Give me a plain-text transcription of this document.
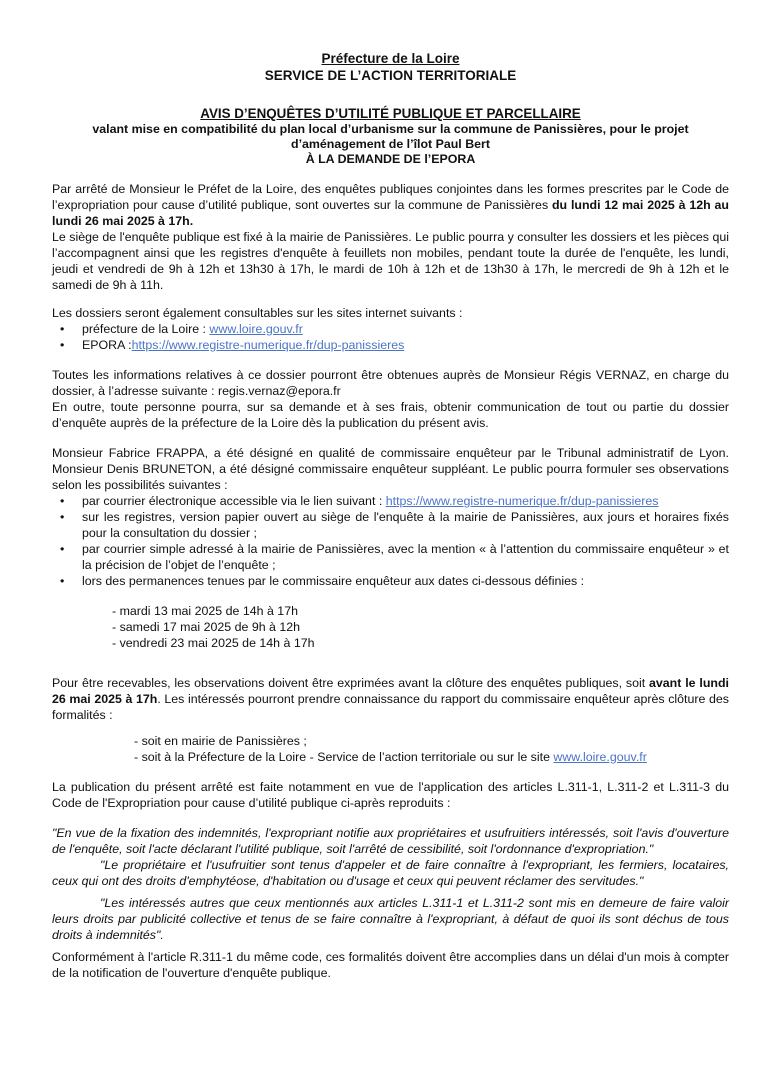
Préfecture de la Loire
SERVICE DE L’ACTION TERRITORIALE
AVIS D’ENQUÊTES D’UTILITÉ PUBLIQUE ET PARCELLAIRE
valant mise en compatibilité du plan local d’urbanisme sur la commune de Panissières, pour le projet
d’aménagement de l’îlot Paul Bert
À LA DEMANDE DE l’EPORA

Par arrêté de Monsieur le Préfet de la Loire, des enquêtes publiques conjointes dans les formes prescrites par le Code de l’expropriation pour cause d’utilité publique, sont ouvertes sur la commune de Panissières du lundi 12 mai 2025 à 12h au lundi 26 mai 2025 à 17h.

Le siège de l'enquête publique est fixé à la mairie de Panissières. Le public pourra y consulter les dossiers et les pièces qui l’accompagnent ainsi que les registres d'enquête à feuillets non mobiles, pendant toute la durée de l'enquête, les lundi, jeudi et vendredi de 9h à 12h et 13h30 à 17h, le mardi de 10h à 12h et de 13h30 à 17h, le mercredi de 9h à 12h et le samedi de 9h à 11h.

Les dossiers seront également consultables sur les sites internet suivants :

• préfecture de la Loire : www.loire.gouv.fr
• EPORA :https://www.registre-numerique.fr/dup-panissieres

Toutes les informations relatives à ce dossier pourront être obtenues auprès de Monsieur Régis VERNAZ, en charge du dossier, à l’adresse suivante : regis.vernaz@epora.fr

En outre, toute personne pourra, sur sa demande et à ses frais, obtenir communication de tout ou partie du dossier d’enquête auprès de la préfecture de la Loire dès la publication du présent avis.

Monsieur Fabrice FRAPPA, a été désigné en qualité de commissaire enquêteur par le Tribunal administratif de Lyon. Monsieur Denis BRUNETON, a été désigné commissaire enquêteur suppléant. Le public pourra formuler ses observations selon les possibilités suivantes :

• par courrier électronique accessible via le lien suivant : https://www.registre-numerique.fr/dup-panissieres
• sur les registres, version papier ouvert au siège de l'enquête à la mairie de Panissières, aux jours et horaires fixés pour la consultation du dossier ;
• par courrier simple adressé à la mairie de Panissières, avec la mention « à l’attention du commissaire enquêteur » et la précision de l’objet de l’enquête ;
• lors des permanences tenues par le commissaire enquêteur aux dates ci-dessous définies :
- mardi 13 mai 2025 de 14h à 17h
- samedi 17 mai 2025 de 9h à 12h
- vendredi 23 mai 2025 de 14h à 17h

Pour être recevables, les observations doivent être exprimées avant la clôture des enquêtes publiques, soit avant le lundi 26 mai 2025 à 17h. Les intéressés pourront prendre connaissance du rapport du commissaire enquêteur après clôture des formalités :

- soit en mairie de Panissières ;
- soit à la Préfecture de la Loire - Service de l’action territoriale ou sur le site www.loire.gouv.fr

La publication du présent arrêté est faite notamment en vue de l'application des articles L.311-1, L.311-2 et L.311-3 du Code de l'Expropriation pour cause d’utilité publique ci-après reproduits :

"En vue de la fixation des indemnités, l'expropriant notifie aux propriétaires et usufruitiers intéressés, soit l'avis d'ouverture de l'enquête, soit l'acte déclarant l'utilité publique, soit l'arrêté de cessibilité, soit l'ordonnance d'expropriation."

"Le propriétaire et l'usufruitier sont tenus d'appeler et de faire connaître à l'expropriant, les fermiers, locataires, ceux qui ont des droits d'emphytéose, d'habitation ou d'usage et ceux qui peuvent réclamer des servitudes."

"Les intéressés autres que ceux mentionnés aux articles L.311-1 et L.311-2 sont mis en demeure de faire valoir leurs droits par publicité collective et tenus de se faire connaître à l'expropriant, à défaut de quoi ils sont déchus de tous droits à indemnités".

Conformément à l'article R.311-1 du même code, ces formalités doivent être accomplies dans un délai d'un mois à compter de la notification de l'ouverture d'enquête publique.
